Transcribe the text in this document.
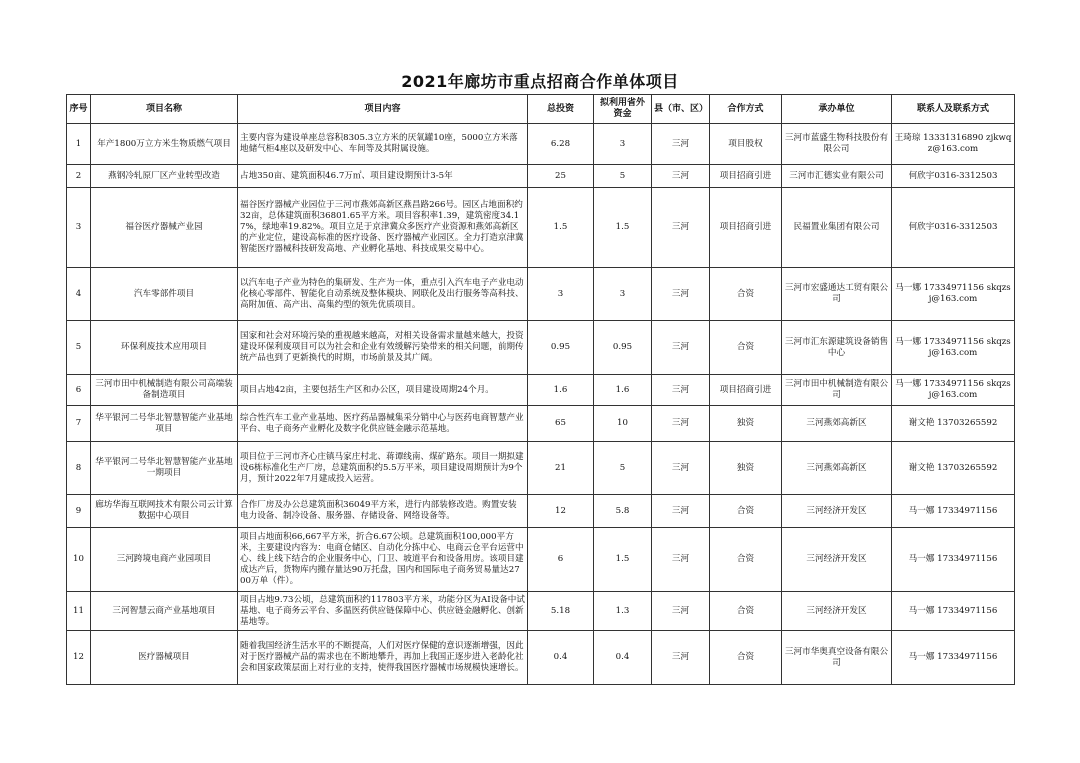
2021年廊坊市重点招商合作单体项目
序号	项目名称	项目内容	总投资	拟利用省外资金	县（市、区）	合作方式	承办单位	联系人及联系方式
1	年产1800万立方米生物质燃气项目	主要内容为建设单座总容积8305.3立方米的厌氧罐10座，5000立方米落地储气柜4座以及研发中心、车间等及其附属设施。	6.28	3	三河	项目股权	三河市蓝盛生物科技股份有限公司	王琦琼 13331316890 zjkwqz@163.com
2	燕钢冷轧原厂区产业转型改造	占地350亩、建筑面积46.7万㎡、项目建设期预计3-5年	25	5	三河	项目招商引进	三河市汇德实业有限公司	何欣宇0316-3312503
3	福谷医疗器械产业园	福谷医疗器械产业园位于三河市燕郊高新区燕昌路266号。园区占地面积约32亩，总体建筑面积36801.65平方米。项目容积率1.39，建筑密度34.17%，绿地率19.82%。项目立足于京津冀众多医疗产业资源和燕郊高新区的产业定位，建设高标准的医疗设备、医疗器械产业园区。全力打造京津冀智能医疗器械科技研发高地、产业孵化基地、科技成果交易中心。	1.5	1.5	三河	项目招商引进	民福置业集团有限公司	何欣宇0316-3312503
4	汽车零部件项目	以汽车电子产业为特色的集研发、生产为一体，重点引入汽车电子产业电动化核心零部件、智能化自动系统及整体模块、网联化及出行服务等高科技、高附加值、高产出、高集约型的领先优质项目。	3	3	三河	合资	三河市宏盛通达工贸有限公司	马一娜 17334971156 skqzsj@163.com
5	环保利废技术应用项目	国家和社会对环境污染的重视越来越高，对相关设备需求量越来越大，投资建设环保利废项目可以为社会和企业有效缓解污染带来的相关问题，前期传统产品也到了更新换代的时期，市场前景及其广阔。	0.95	0.95	三河	合资	三河市汇东源建筑设备销售中心	马一娜 17334971156 skqzsj@163.com
6	三河市田中机械制造有限公司高端装备制造项目	项目占地42亩，主要包括生产区和办公区，项目建设周期24个月。	1.6	1.6	三河	项目招商引进	三河市田中机械制造有限公司	马一娜 17334971156 skqzsj@163.com
7	华平银河二号华北智慧智能产业基地项目	综合性汽车工业产业基地、医疗药品器械集采分销中心与医药电商智慧产业平台、电子商务产业孵化及数字化供应链金融示范基地。	65	10	三河	独资	三河燕郊高新区	谢文艳 13703265592
8	华平银河二号华北智慧智能产业基地一期项目	项目位于三河市齐心庄镇马家庄村北、蒋谭线南、煤矿路东。项目一期拟建设6栋标准化生产厂房，总建筑面积约5.5万平米，项目建设周期预计为9个月，预计2022年7月建成投入运营。	21	5	三河	独资	三河燕郊高新区	谢文艳 13703265592
9	廊坊华海互联网技术有限公司云计算数据中心项目	合作厂房及办公总建筑面积36049平方米，进行内部装修改造。购置安装电力设备、制冷设备、服务器、存储设备、网络设备等。	12	5.8	三河	合资	三河经济开发区	马一娜 17334971156
10	三河跨境电商产业园项目	项目占地面积66,667平方米，折合6.67公顷。总建筑面积100,000平方米，主要建设内容为：电商仓储区、自动化分拣中心、电商云仓平台运营中心、线上线下结合的企业服务中心，门卫、坡道平台和设备用房。该项目建成达产后，货物库内搬存量达90万托盘，国内和国际电子商务贸易量达2700万单（件）。	6	1.5	三河	合资	三河经济开发区	马一娜 17334971156
11	三河智慧云商产业基地项目	项目占地9.73公顷，总建筑面积约117803平方米，功能分区为AI设备中试基地、电子商务云平台、多温医药供应链保障中心、供应链金融孵化、创新基地等。	5.18	1.3	三河	合资	三河经济开发区	马一娜 17334971156
12	医疗器械项目	随着我国经济生活水平的不断提高，人们对医疗保健的意识逐渐增强，因此对于医疗器械产品的需求也在不断地攀升，再加上我国正逐步进入老龄化社会和国家政策层面上对行业的支持，使得我国医疗器械市场规模快速增长。	0.4	0.4	三河	合资	三河市华奥真空设备有限公司	马一娜 17334971156
